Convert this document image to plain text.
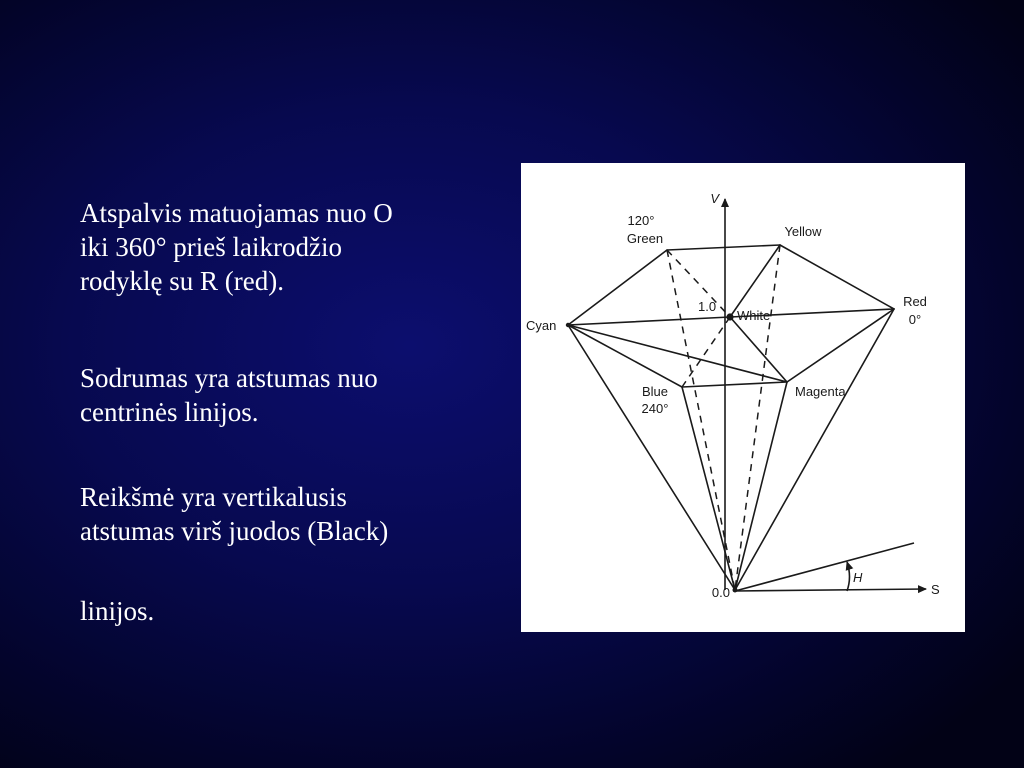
Atspalvis matuojamas nuo O
iki 360° prieš laikrodžio
rodyklę su R (red).

Sodrumas yra atstumas nuo
centrinės linijos.

Reikšmė yra vertikalusis
atstumas virš juodos (Black)

linijos.

V
S
H
120°
Green	Yellow
Cyan
1.0
White
Red
0°
Blue
240°
Magenta
0.0
